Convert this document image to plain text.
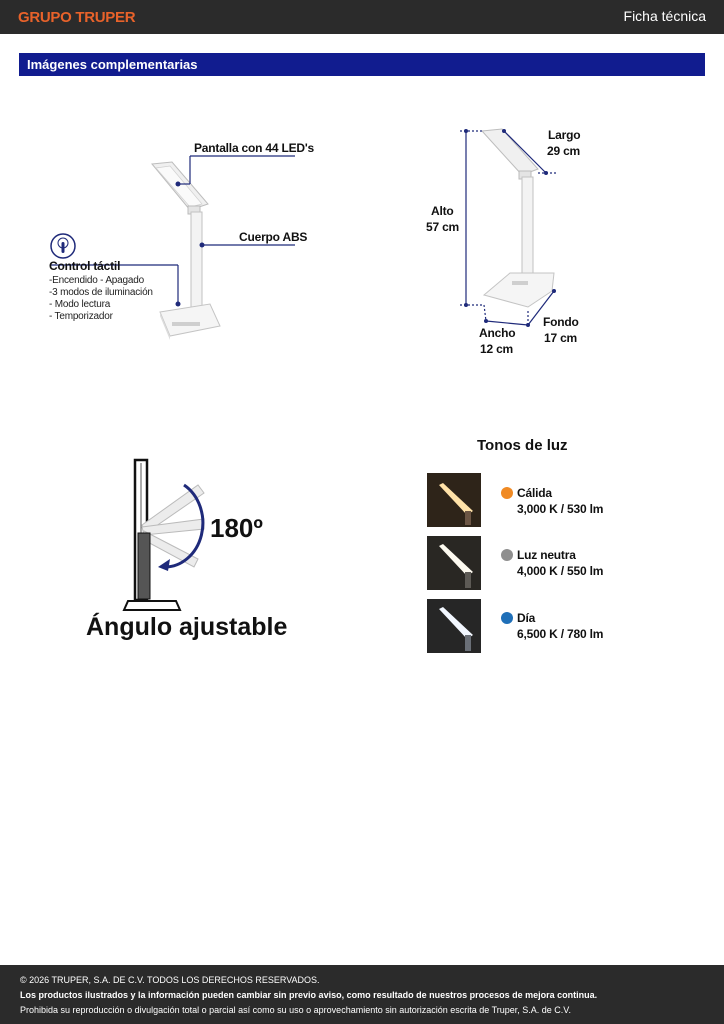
GRUPO TRUPER	Ficha técnica
Imágenes complementarias
Pantalla con 44 LED's
Cuerpo ABS
Control táctil
-Encendido - Apagado
-3 modos de iluminación
- Modo lectura
- Temporizador
Largo
29 cm
Alto
57 cm
Ancho
12 cm
Fondo
17 cm
180º
Ángulo ajustable
Tonos de luz
Cálida
3,000 K / 530 lm
Luz neutra
4,000 K / 550 lm
Día
6,500 K / 780 lm
© 2026 TRUPER, S.A. DE C.V. TODOS LOS DERECHOS RESERVADOS.
Los productos ilustrados y la información pueden cambiar sin previo aviso, como resultado de nuestros procesos de mejora continua.
Prohibida su reproducción o divulgación total o parcial así como su uso o aprovechamiento sin autorización escrita de Truper, S.A. de C.V.
